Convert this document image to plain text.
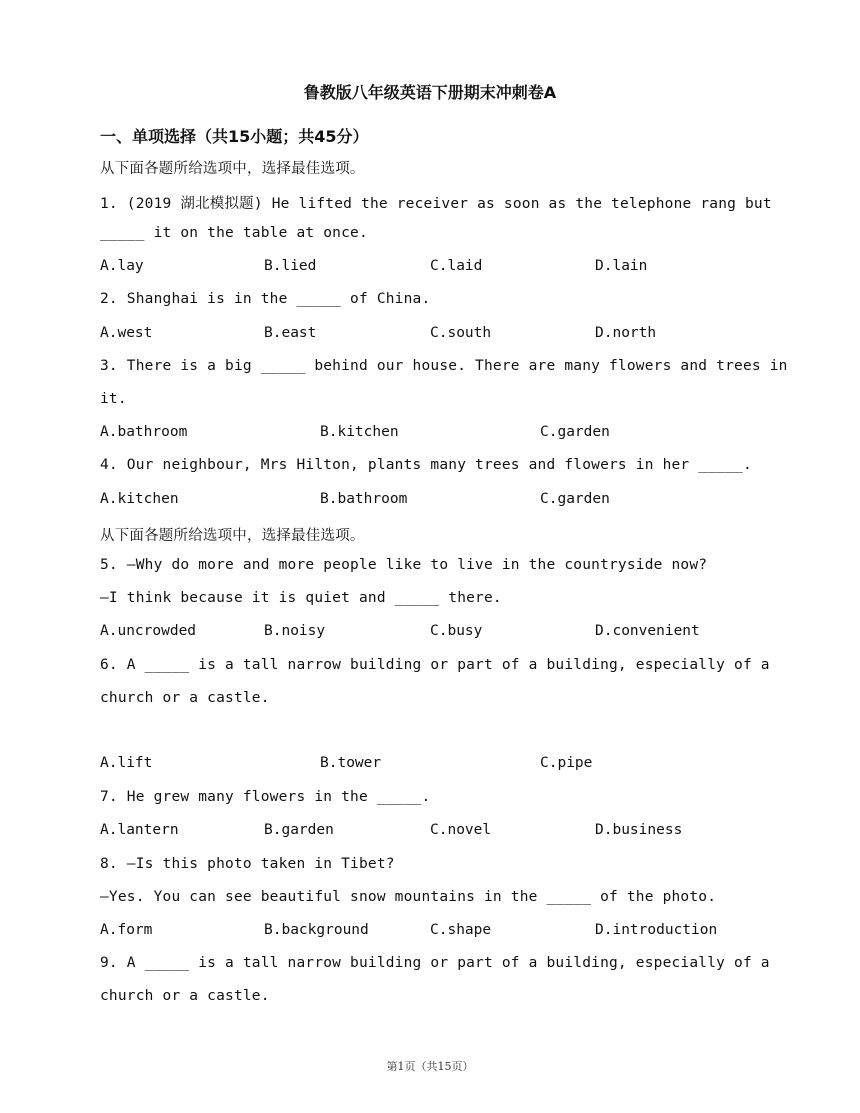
鲁教版八年级英语下册期末冲刺卷A
一、单项选择（共15小题；共45分）
从下面各题所给选项中，选择最佳选项。
1. (2019 湖北模拟题) He lifted the receiver as soon as the telephone rang but
_____ it on the table at once.
A.lay	B.lied	C.laid	D.lain
2. Shanghai is in the _____ of China.
A.west	B.east	C.south	D.north
3. There is a big _____ behind our house. There are many flowers and trees in
it.
A.bathroom	B.kitchen	C.garden
4. Our neighbour, Mrs Hilton, plants many trees and flowers in her _____.
A.kitchen	B.bathroom	C.garden
从下面各题所给选项中，选择最佳选项。
5. —Why do more and more people like to live in the countryside now?
—I think because it is quiet and _____ there.
A.uncrowded	B.noisy	C.busy	D.convenient
6. A _____ is a tall narrow building or part of a building, especially of a
church or a castle.
A.lift	B.tower	C.pipe
7. He grew many flowers in the _____.
A.lantern	B.garden	C.novel	D.business
8. —Is this photo taken in Tibet?
—Yes. You can see beautiful snow mountains in the _____ of the photo.
A.form	B.background	C.shape	D.introduction
9. A _____ is a tall narrow building or part of a building, especially of a
church or a castle.
第1页（共15页）
